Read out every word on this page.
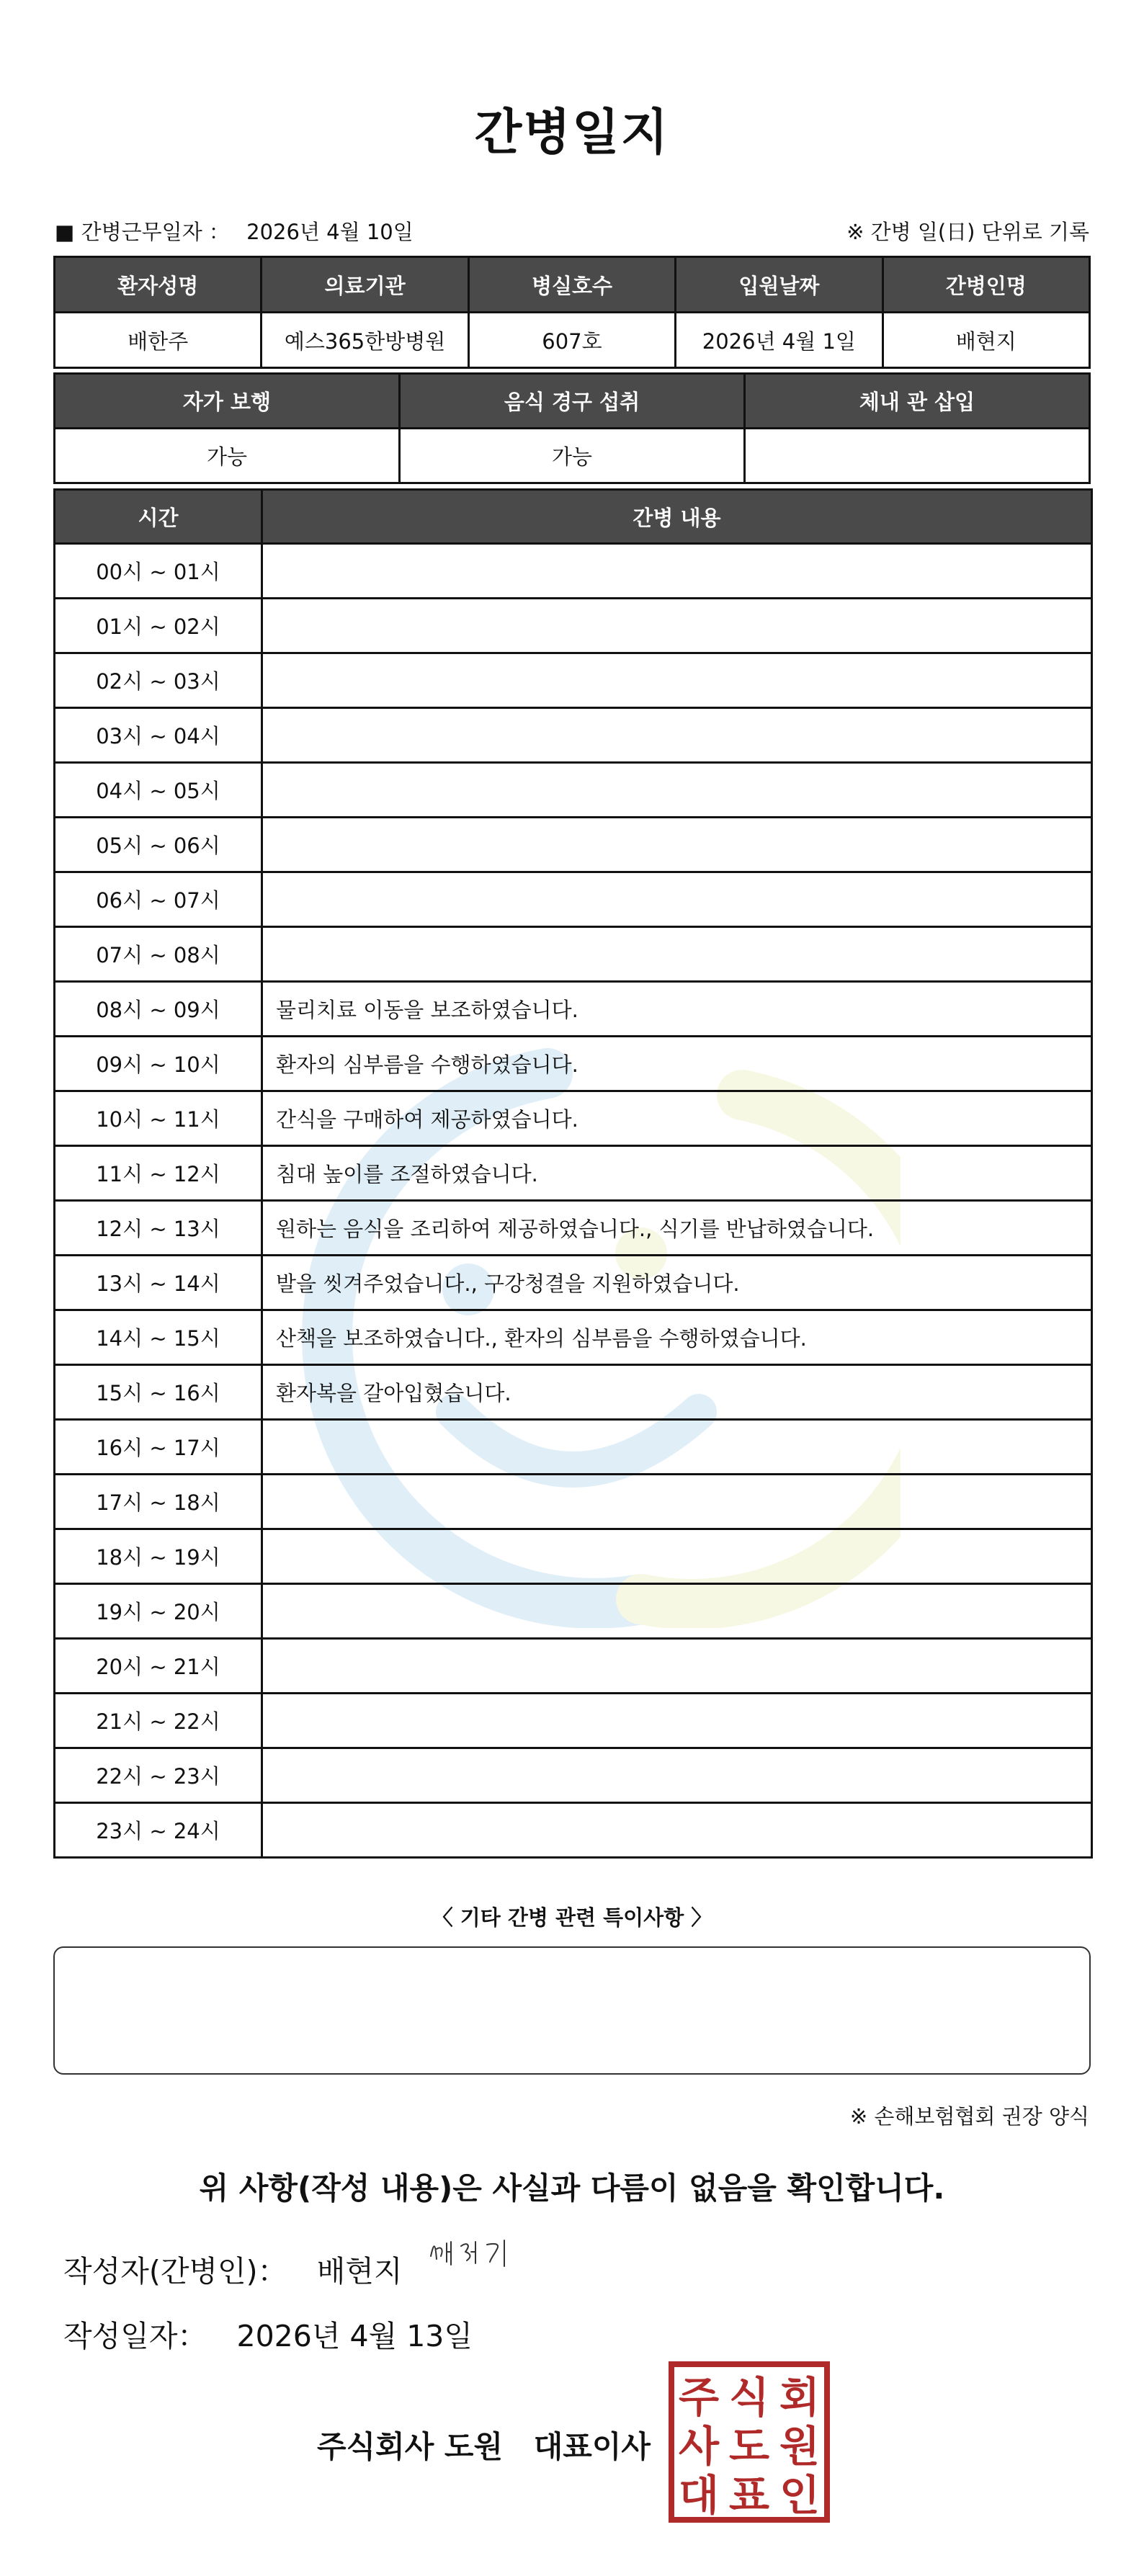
간병일지
■ 간병근무일자 ： 2026년 4월 10일	※ 간병 일(日) 단위로 기록
환자성명	의료기관	병실호수	입원날짜	간병인명
배한주	예스365한방병원	607호	2026년 4월 1일	배현지
자가 보행	음식 경구 섭취	체내 관 삽입
가능	가능	
시간	간병 내용
00시 ~ 01시	
01시 ~ 02시	
02시 ~ 03시	
03시 ~ 04시	
04시 ~ 05시	
05시 ~ 06시	
06시 ~ 07시	
07시 ~ 08시	
08시 ~ 09시	물리치료 이동을 보조하였습니다.
09시 ~ 10시	환자의 심부름을 수행하였습니다.
10시 ~ 11시	간식을 구매하여 제공하였습니다.
11시 ~ 12시	침대 높이를 조절하였습니다.
12시 ~ 13시	원하는 음식을 조리하여 제공하였습니다., 식기를 반납하였습니다.
13시 ~ 14시	발을 씻겨주었습니다., 구강청결을 지원하였습니다.
14시 ~ 15시	산책을 보조하였습니다., 환자의 심부름을 수행하였습니다.
15시 ~ 16시	환자복을 갈아입혔습니다.
16시 ~ 17시	
17시 ~ 18시	
18시 ~ 19시	
19시 ~ 20시	
20시 ~ 21시	
21시 ~ 22시	
22시 ~ 23시	
23시 ~ 24시	
〈 기타 간병 관련 특이사항 〉
※ 손해보험협회 권장 양식
위 사항(작성 내용)은 사실과 다름이 없음을 확인합니다.
작성자(간병인)： 배현지
작성일자： 2026년 4월 13일
주식회사 도원 대표이사
주 식 회
사 도 원
대 표 인
